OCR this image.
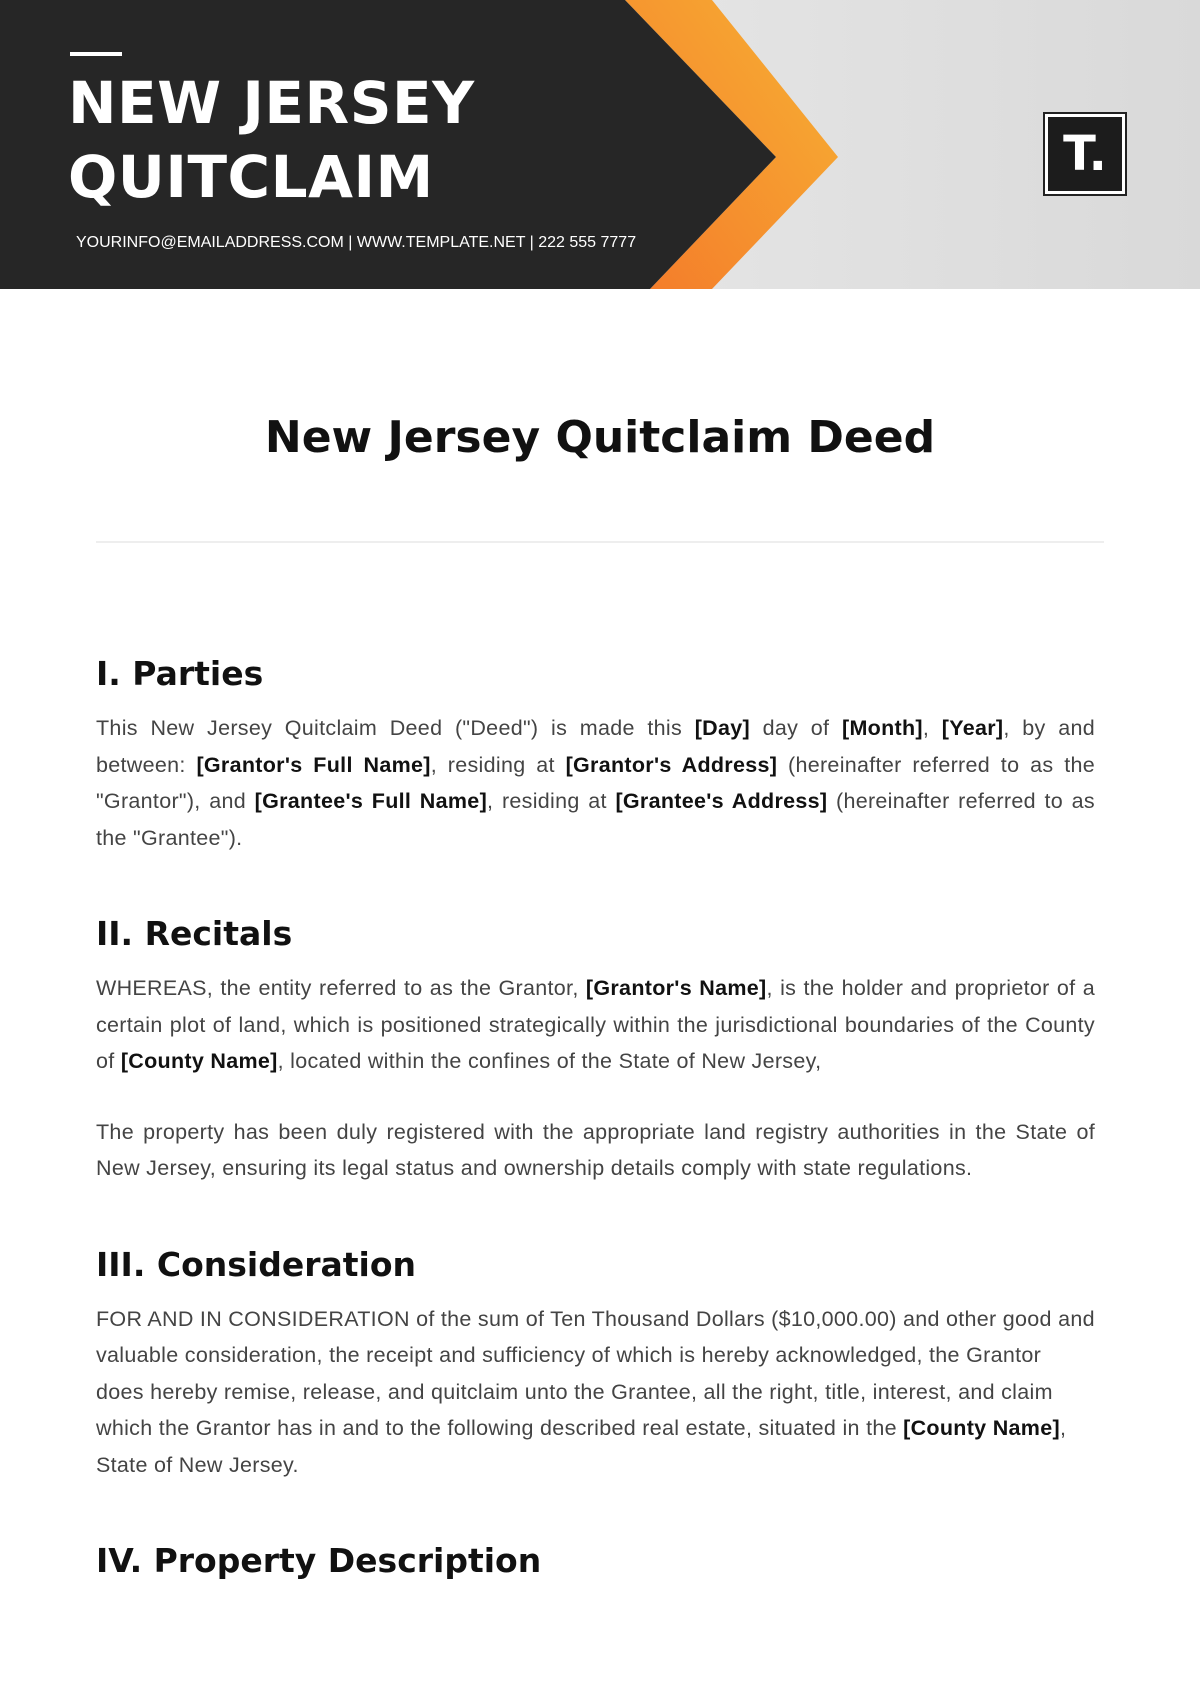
NEW JERSEY
QUITCLAIM
YOURINFO@EMAILADDRESS.COM | WWW.TEMPLATE.NET | 222 555 7777
T.
New Jersey Quitclaim Deed
I. Parties

This New Jersey Quitclaim Deed ("Deed") is made this [Day] day of [Month], [Year], by and between: [Grantor's Full Name], residing at [Grantor's Address] (hereinafter referred to as the "Grantor"), and [Grantee's Full Name], residing at [Grantee's Address] (hereinafter referred to as the "Grantee").

II. Recitals

WHEREAS, the entity referred to as the Grantor, [Grantor's Name], is the holder and proprietor of a certain plot of land, which is positioned strategically within the jurisdictional boundaries of the County of [County Name], located within the confines of the State of New Jersey,

The property has been duly registered with the appropriate land registry authorities in the State of New Jersey, ensuring its legal status and ownership details comply with state regulations.

III. Consideration

FOR AND IN CONSIDERATION of the sum of Ten Thousand Dollars ($10,000.00) and other good and valuable consideration, the receipt and sufficiency of which is hereby acknowledged, the Grantor does hereby remise, release, and quitclaim unto the Grantee, all the right, title, interest, and claim which the Grantor has in and to the following described real estate, situated in the [County Name], State of New Jersey.

IV. Property Description
